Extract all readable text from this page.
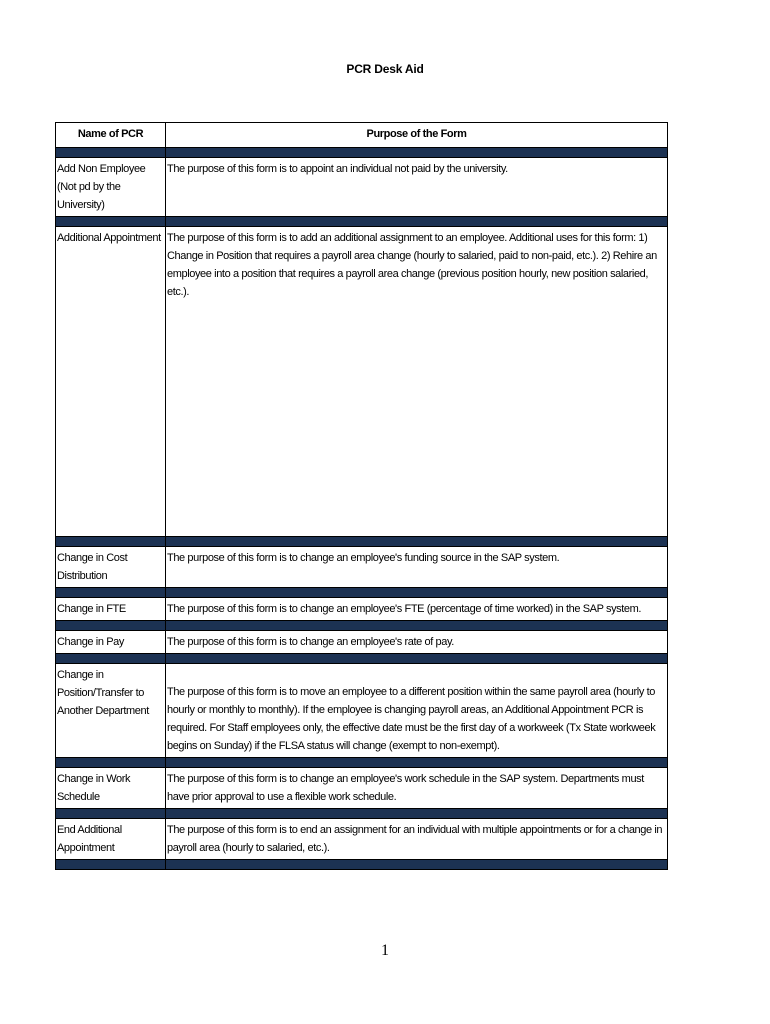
PCR Desk Aid
Name of PCR	Purpose of the Form

Add Non Employee (Not pd by the University)	The purpose of this form is to appoint an individual not paid by the university.

Additional Appointment	The purpose of this form is to add an additional assignment to an employee. Additional uses for this form: 1) Change in Position that requires a payroll area change (hourly to salaried, paid to non-paid, etc.). 2) Rehire an employee into a position that requires a payroll area change (previous position hourly, new position salaried, etc.).

Change in Cost Distribution	The purpose of this form is to change an employee's funding source in the SAP system.

Change in FTE	The purpose of this form is to change an employee's FTE (percentage of time worked) in the SAP system.

Change in Pay	The purpose of this form is to change an employee's rate of pay.

Change in Position/Transfer to Another Department	The purpose of this form is to move an employee to a different position within the same payroll area (hourly to hourly or monthly to monthly). If the employee is changing payroll areas, an Additional Appointment PCR is required. For Staff employees only, the effective date must be the first day of a workweek (Tx State workweek begins on Sunday) if the FLSA status will change (exempt to non-exempt).

Change in Work Schedule	The purpose of this form is to change an employee's work schedule in the SAP system. Departments must have prior approval to use a flexible work schedule.

End Additional Appointment	The purpose of this form is to end an assignment for an individual with multiple appointments or for a change in payroll area (hourly to salaried, etc.).

1
